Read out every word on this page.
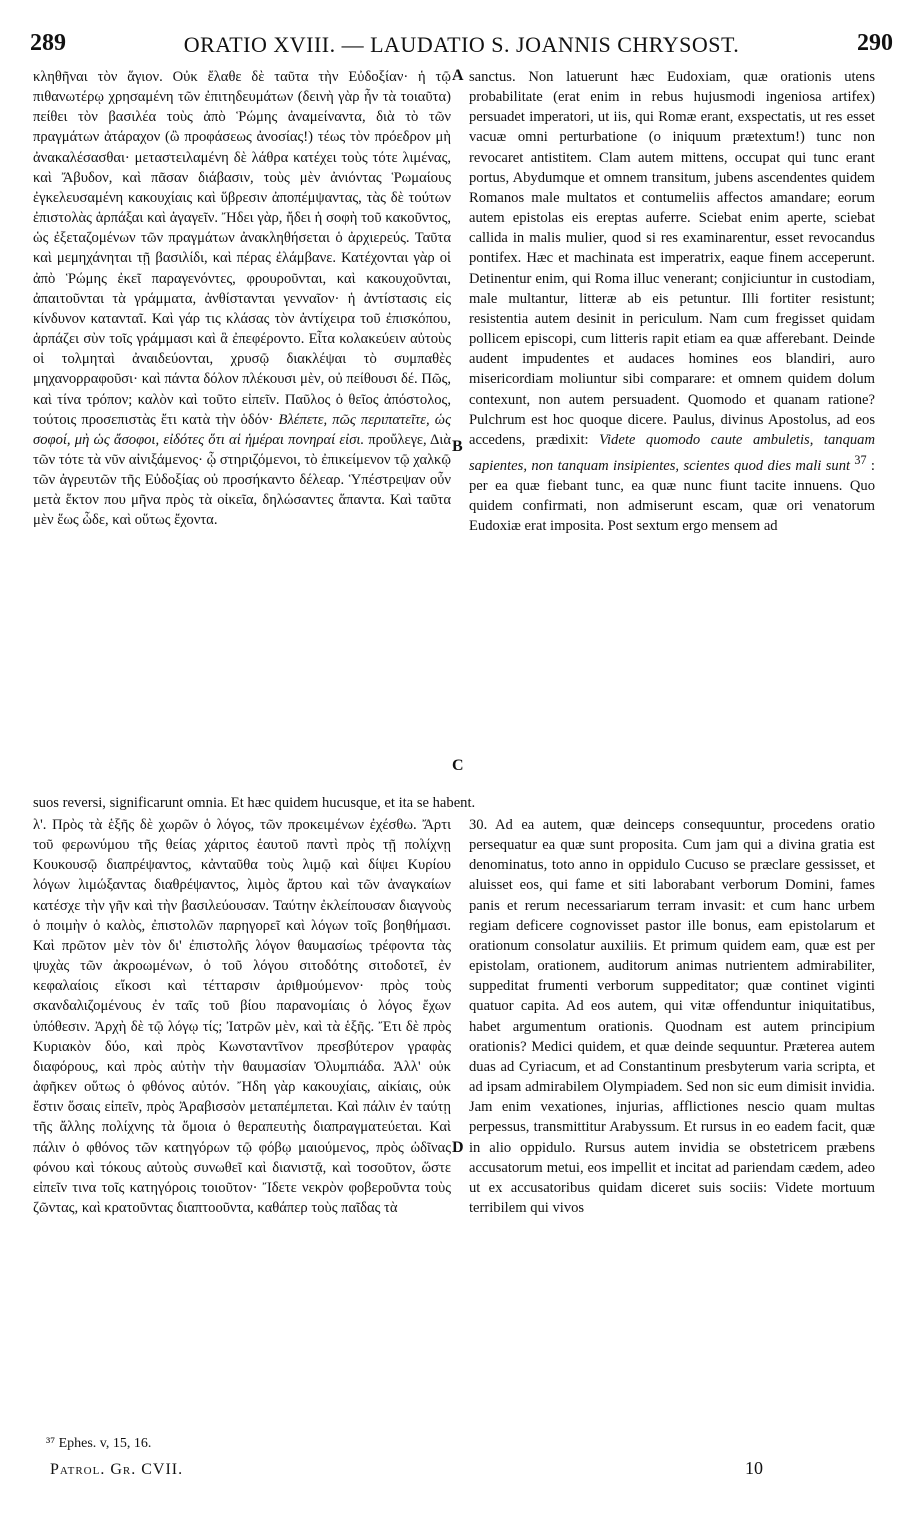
289	ORATIO XVIII. — LAUDATIO S. JOANNIS CHRYSOST.	290

κληθῆναι τὸν ἅγιον. Οὐκ ἔλαθε δὲ ταῦτα τὴν Εὐδοξίαν· ἡ τῷ πιθανωτέρῳ χρησαμένη τῶν ἐπιτηδευμάτων (δεινὴ γὰρ ἦν τὰ τοιαῦτα) πείθει τὸν βασιλέα τοὺς ἀπὸ Ῥώμης ἀναμείναντα, διὰ τὸ τῶν πραγμάτων ἀτάραχον (ὢ προφάσεως ἀνοσίας!) τέως τὸν πρόεδρον μὴ ἀνακαλέσασθαι· μεταστειλαμένη δὲ λάθρα κατέχει τοὺς τότε λιμένας, καὶ Ἄβυδον, καὶ πᾶσαν διάβασιν, τοὺς μὲν ἀνιόντας Ῥωμαίους ἐγκελευσαμένη κακουχίαις καὶ ὕβρεσιν ἀποπέμψαντας, τὰς δὲ τούτων ἐπιστολὰς ἁρπάξαι καὶ ἀγαγεῖν. Ἤδει γὰρ, ἤδει ἡ σοφὴ τοῦ κακοῦντος, ὡς ἐξεταζομένων τῶν πραγμάτων ἀνακληθήσεται ὁ ἀρχιερεύς. Ταῦτα καὶ μεμηχάνηται τῇ βασιλίδι, καὶ πέρας ἐλάμβανε. Κατέχονται γὰρ οἱ ἀπὸ Ῥώμης ἐκεῖ παραγενόντες, φρουροῦνται, καὶ κακουχοῦνται, ἀπαιτοῦνται τὰ γράμματα, ἀνθίστανται γενναῖον· ἡ ἀντίστασις εἰς κίνδυνον κατανταῖ. Καὶ γάρ τις κλάσας τὸν ἀντίχειρα τοῦ ἐπισκόπου, ἁρπάζει σὺν τοῖς γράμμασι καὶ ἃ ἐπεφέροντο. Εἶτα κολακεύειν αὐτοὺς οἱ τολμηταὶ ἀναιδεύονται, χρυσῷ διακλέψαι τὸ συμπαθὲς μηχανορραφοῦσι· καὶ πάντα δόλον πλέκουσι μὲν, οὐ πείθουσι δέ. Πῶς, καὶ τίνα τρόπον; καλὸν καὶ τοῦτο εἰπεῖν. Παῦλος ὁ θεῖος ἀπόστολος, τούτοις προσεπιστὰς ἔτι κατὰ τὴν ὁδόν· Βλέπετε, πῶς περιπατεῖτε, ὡς σοφοί, μὴ ὡς ἄσοφοι, εἰδότες ὅτι αἱ ἡμέραι πονηραί εἰσι. προὔλεγε, Διὰ τῶν τότε τὰ νῦν αἰνιξάμενος· ᾧ στηριζόμενοι, τὸ ἐπικείμενον τῷ χαλκῷ τῶν ἀγρευτῶν τῆς Εὐδοξίας οὐ προσήκαντο δέλεαρ. Ὑπέστρεψαν οὖν μετὰ ἕκτον που μῆνα πρὸς τὰ οἰκεῖα, δηλώσαντες ἅπαντα. Καὶ ταῦτα μὲν ἕως ὧδε, καὶ οὕτως ἔχοντα.

sanctus. Non latuerunt hæc Eudoxiam, quæ orationis utens probabilitate (erat enim in rebus hujusmodi ingeniosa artifex) persuadet imperatori, ut iis, qui Romæ erant, exspectatis, ut res esset vacuæ omni perturbatione (o iniquum prætextum!) tunc non revocaret antistitem. Clam autem mittens, occupat qui tunc erant portus, Abydumque et omnem transitum, jubens ascendentes quidem Romanos male multatos et contumeliis affectos amandare; eorum autem epistolas eis ereptas auferre. Sciebat enim aperte, sciebat callida in malis mulier, quod si res examinarentur, esset revocandus pontifex. Hæc et machinata est imperatrix, eaque finem acceperunt. Detinentur enim, qui Roma illuc venerant; conjiciuntur in custodiam, male multantur, litteræ ab eis petuntur. Illi fortiter resistunt; resistentia autem desinit in periculum. Nam cum fregisset quidam pollicem episcopi, cum litteris rapit etiam ea quæ afferebant. Deinde audent impudentes et audaces homines eos blandiri, auro misericordiam moliuntur sibi comparare: et omnem quidem dolum contexunt, non autem persuadent. Quomodo et quanam ratione? Pulchrum est hoc quoque dicere. Paulus, divinus Apostolus, ad eos accedens, prædixit: Videte quomodo caute ambuletis, tanquam sapientes, non tanquam insipientes, scientes quod dies mali sunt $^{37}$ : per ea quæ fiebant tunc, ea quæ nunc fiunt tacite innuens. Quo quidem confirmati, non admiserunt escam, quæ ori venatorum Eudoxiæ erat imposita. Post sextum ergo mensem ad

A
B
C
D
suos reversi, significarunt omnia. Et hæc quidem hucusque, et ita se habent.

λ'. Πρὸς τὰ ἑξῆς δὲ χωρῶν ὁ λόγος, τῶν προκειμένων ἐχέσθω. Ἄρτι τοῦ φερωνύμου τῆς θείας χάριτος ἑαυτοῦ παντὶ πρὸς τῇ πολίχνῃ Κουκουσῷ διαπρέψαντος, κἀνταῦθα τοὺς λιμῷ καὶ δίψει Κυρίου λόγων λιμώξαντας διαθρέψαντος, λιμὸς ἄρτου καὶ τῶν ἀναγκαίων κατέσχε τὴν γῆν καὶ τὴν βασιλεύουσαν. Ταύτην ἐκλείπουσαν διαγνοὺς ὁ ποιμὴν ὁ καλὸς, ἐπιστολῶν παρηγορεῖ καὶ λόγων τοῖς βοηθήμασι. Καὶ πρῶτον μὲν τὸν δι' ἐπιστολῆς λόγον θαυμασίως τρέφοντα τὰς ψυχὰς τῶν ἀκροωμένων, ὁ τοῦ λόγου σιτοδότης σιτοδοτεῖ, ἐν κεφαλαίοις εἴκοσι καὶ τέτταρσιν ἀριθμούμενον· πρὸς τοὺς σκανδαλιζομένους ἐν ταῖς τοῦ βίου παρανομίαις ὁ λόγος ἔχων ὑπόθεσιν. Ἀρχὴ δὲ τῷ λόγῳ τίς; Ἰατρῶν μὲν, καὶ τὰ ἑξῆς. Ἔτι δὲ πρὸς Κυριακὸν δύο, καὶ πρὸς Κωνσταντῖνον πρεσβύτερον γραφὰς διαφόρους, καὶ πρὸς αὐτὴν τὴν θαυμασίαν Ὀλυμπιάδα. Ἀλλ' οὐκ ἀφῆκεν οὕτως ὁ φθόνος αὐτόν. Ἤδη γὰρ κακουχίαις, αἰκίαις, οὐκ ἔστιν ὅσαις εἰπεῖν, πρὸς Ἀραβισσὸν μεταπέμπεται. Καὶ πάλιν ἐν ταύτῃ τῆς ἄλλης πολίχνης τὰ ὅμοια ὁ θεραπευτὴς διαπραγματεύεται. Καὶ πάλιν ὁ φθόνος τῶν κατηγόρων τῷ φόβῳ μαιούμενος, πρὸς ὠδῖνας φόνου καὶ τόκους αὐτοὺς συνωθεῖ καὶ διανιστᾷ, καὶ τοσοῦτον, ὥστε εἰπεῖν τινα τοῖς κατηγόροις τοιοῦτον· Ἴδετε νεκρὸν φοβεροῦντα τοὺς ζῶντας, καὶ κρατοῦντας διαπτοοῦντα, καθάπερ τοὺς παῖδας τὰ

30. Ad ea autem, quæ deinceps consequuntur, procedens oratio persequatur ea quæ sunt proposita. Cum jam qui a divina gratia est denominatus, toto anno in oppidulo Cucuso se præclare gessisset, et aluisset eos, qui fame et siti laborabant verborum Domini, fames panis et rerum necessariarum terram invasit: et cum hanc urbem regiam deficere cognovisset pastor ille bonus, eam epistolarum et orationum consolatur auxiliis. Et primum quidem eam, quæ est per epistolam, orationem, auditorum animas nutrientem admirabiliter, suppeditat frumenti verborum suppeditator; quæ continet viginti quatuor capita. Ad eos autem, qui vitæ offenduntur iniquitatibus, habet argumentum orationis. Quodnam est autem principium orationis? Medici quidem, et quæ deinde sequuntur. Præterea autem duas ad Cyriacum, et ad Constantinum presbyterum varia scripta, et ad ipsam admirabilem Olympiadem. Sed non sic eum dimisit invidia. Jam enim vexationes, injurias, afflictiones nescio quam multas perpessus, transmittitur Arabyssum. Et rursus in eo eadem facit, quæ in alio oppidulo. Rursus autem invidia se obstetricem præbens accusatorum metui, eos impellit et incitat ad pariendam cædem, adeo ut ex accusatoribus quidam diceret suis sociis: Videte mortuum terribilem qui vivos

³⁷ Ephes. v, 15, 16.
Patrol. Gr. CVII.	10
